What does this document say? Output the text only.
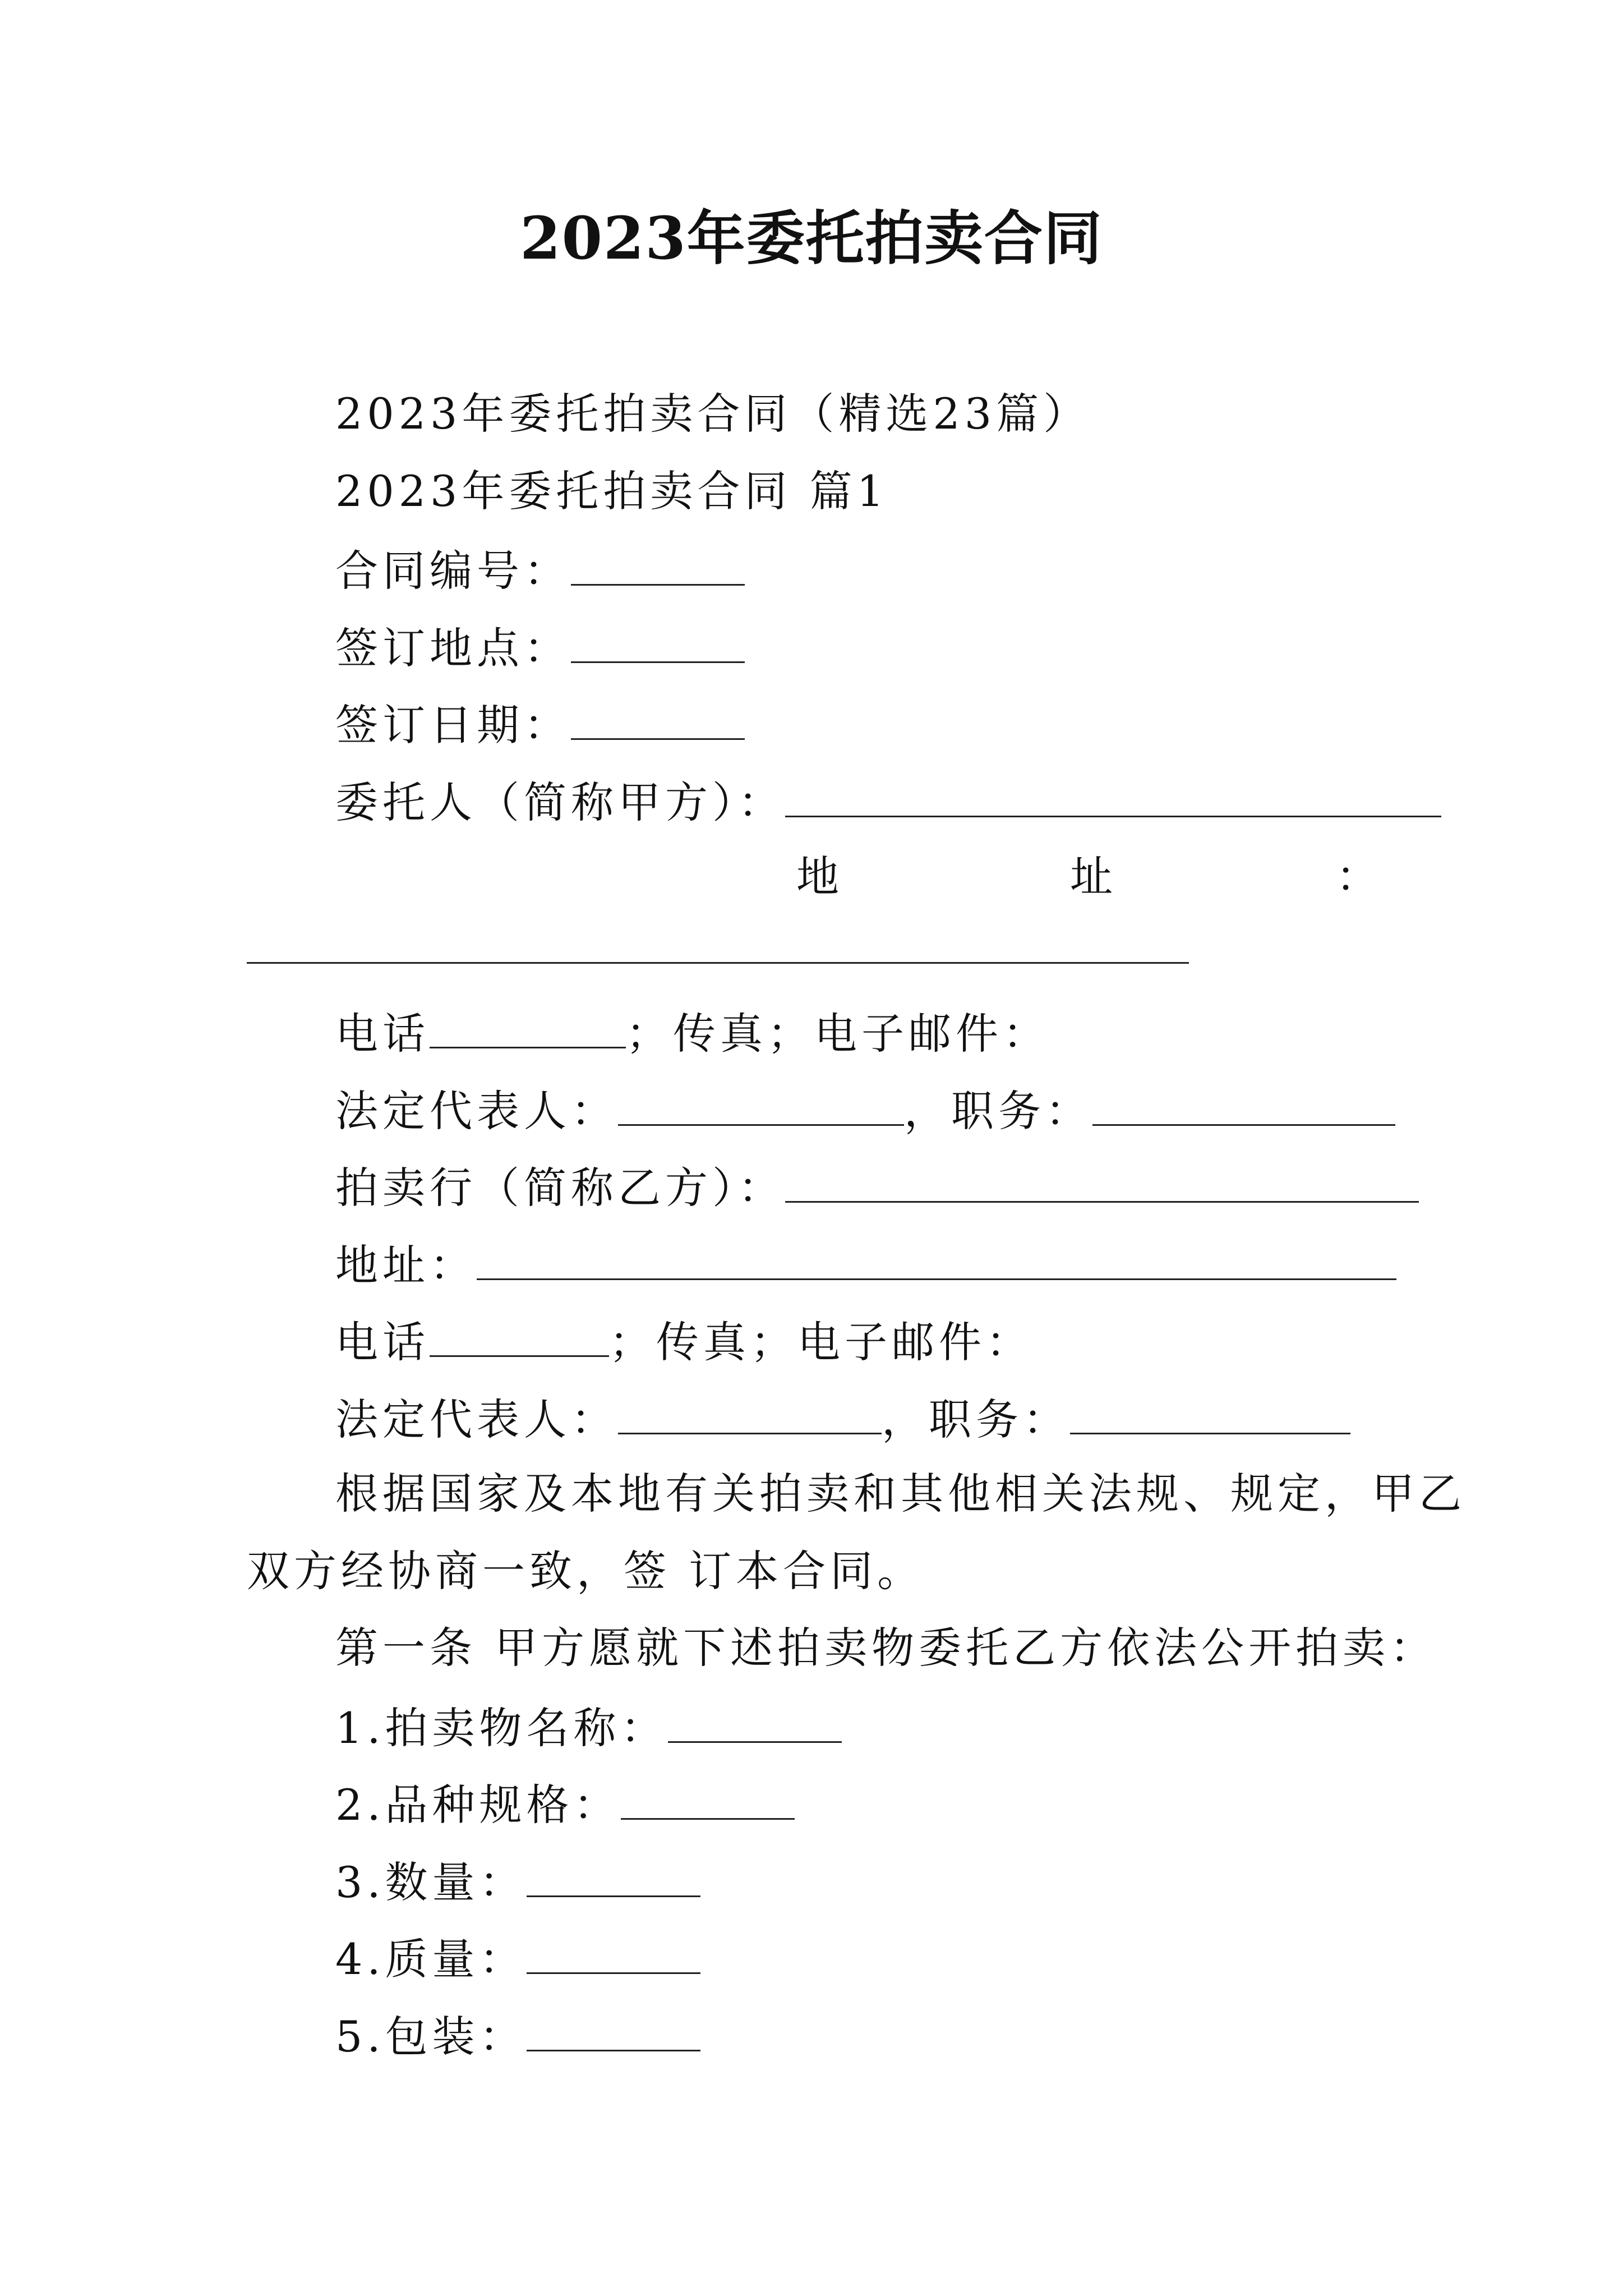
2023年委托拍卖合同
2023年委托拍卖合同（精选23篇）
2023年委托拍卖合同 篇1
合同编号：
签订地点：
签订日期：
委托人（简称甲方）：
地	址	：
电话	；传真；电子邮件：
法定代表人：	，职务：
拍卖行（简称乙方）：
地址：
电话	；传真；电子邮件：
法定代表人：	，职务：
根据国家及本地有关拍卖和其他相关法规、规定，甲乙
双方经协商一致，签 订本合同。
第一条 甲方愿就下述拍卖物委托乙方依法公开拍卖：
1.拍卖物名称：
2.品种规格：
3.数量：
4.质量：
5.包装：
